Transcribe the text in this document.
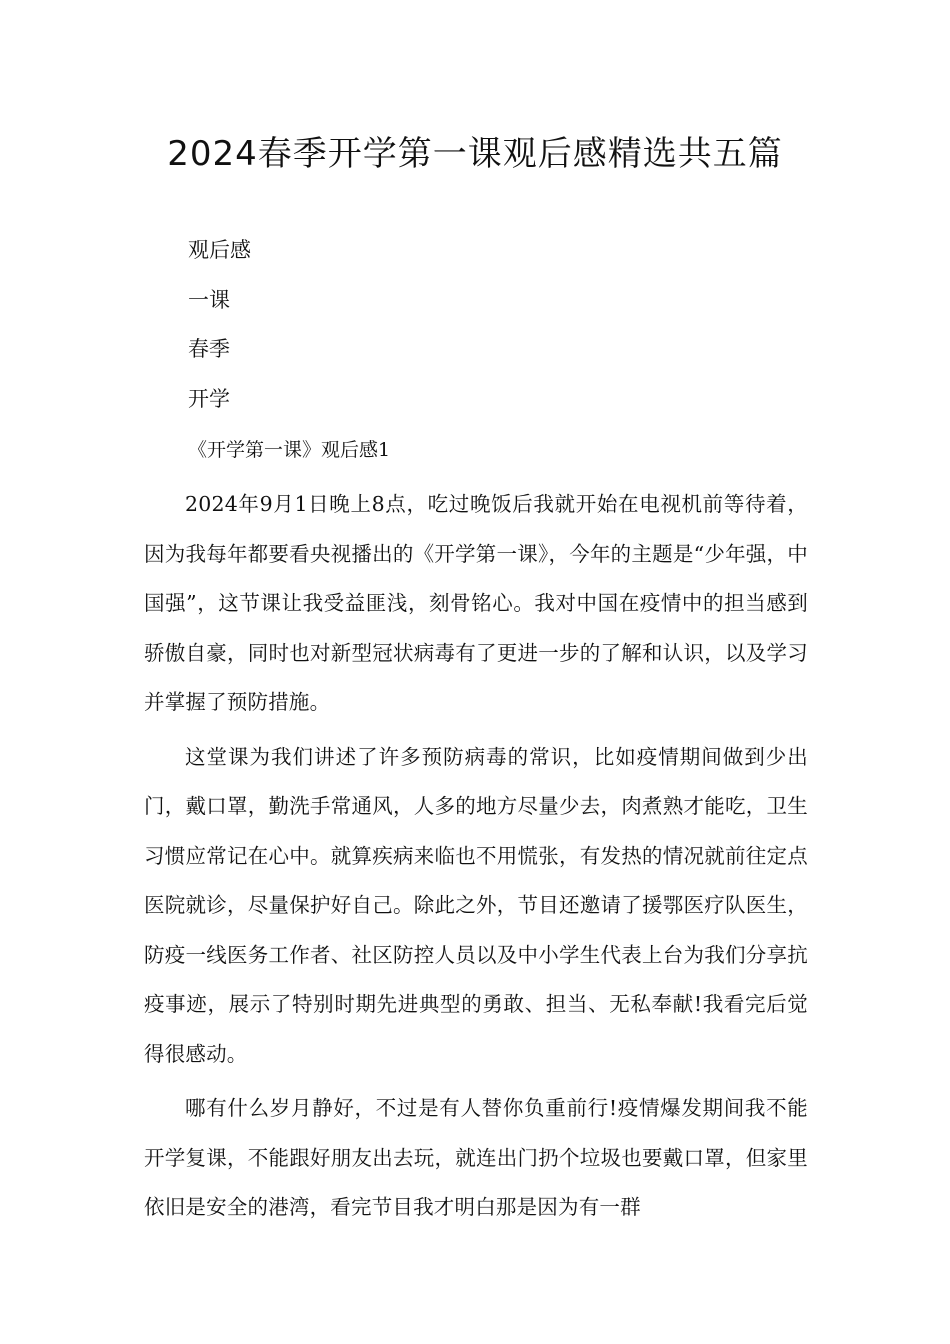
2024春季开学第一课观后感精选共五篇
观后感
一课
春季
开学

《开学第一课》观后感1

2024年9月1日晚上8点，吃过晚饭后我就开始在电视机前等待着，因为我每年都要看央视播出的《开学第一课》，今年的主题是“少年强，中国强”，这节课让我受益匪浅，刻骨铭心。我对中国在疫情中的担当感到骄傲自豪，同时也对新型冠状病毒有了更进一步的了解和认识，以及学习并掌握了预防措施。

这堂课为我们讲述了许多预防病毒的常识，比如疫情期间做到少出门，戴口罩，勤洗手常通风，人多的地方尽量少去，肉煮熟才能吃，卫生习惯应常记在心中。就算疾病来临也不用慌张，有发热的情况就前往定点医院就诊，尽量保护好自己。除此之外，节目还邀请了援鄂医疗队医生，防疫一线医务工作者、社区防控人员以及中小学生代表上台为我们分享抗疫事迹，展示了特别时期先进典型的勇敢、担当、无私奉献!我看完后觉得很感动。

哪有什么岁月静好，不过是有人替你负重前行!疫情爆发期间我不能开学复课，不能跟好朋友出去玩，就连出门扔个垃圾也要戴口罩，但家里依旧是安全的港湾，看完节目我才明白那是因为有一群
